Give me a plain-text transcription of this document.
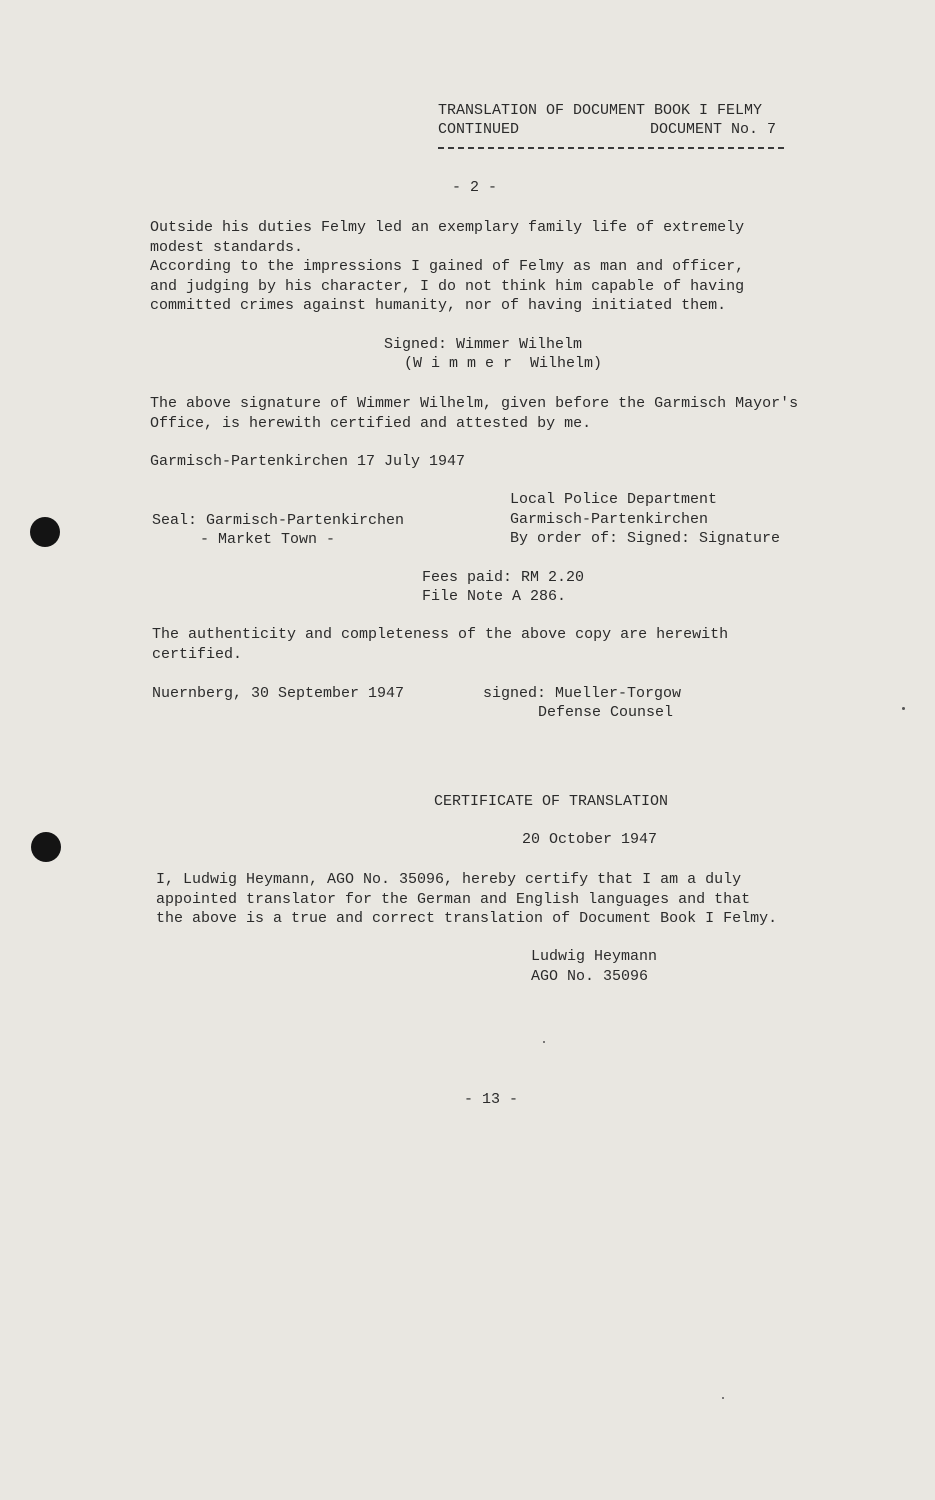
TRANSLATION OF DOCUMENT BOOK I FELMY
CONTINUED	DOCUMENT No. 7
- 2 -
Outside his duties Felmy led an exemplary family life of extremely
modest standards.
According to the impressions I gained of Felmy as man and officer,
and judging by his character, I do not think him capable of having
committed crimes against humanity, nor of having initiated them.
Signed: Wimmer Wilhelm
(W i m m e r  Wilhelm)
The above signature of Wimmer Wilhelm, given before the Garmisch Mayor's
Office, is herewith certified and attested by me.
Garmisch-Partenkirchen 17 July 1947
Local Police Department
Garmisch-Partenkirchen
By order of: Signed: Signature
Seal: Garmisch-Partenkirchen
- Market Town -
Fees paid: RM 2.20
File Note A 286.
The authenticity and completeness of the above copy are herewith
certified.
Nuernberg, 30 September 1947	signed: Mueller-Torgow
Defense Counsel
CERTIFICATE OF TRANSLATION
20 October 1947
I, Ludwig Heymann, AGO No. 35096, hereby certify that I am a duly
appointed translator for the German and English languages and that
the above is a true and correct translation of Document Book I Felmy.
Ludwig Heymann
AGO No. 35096
- 13 -
